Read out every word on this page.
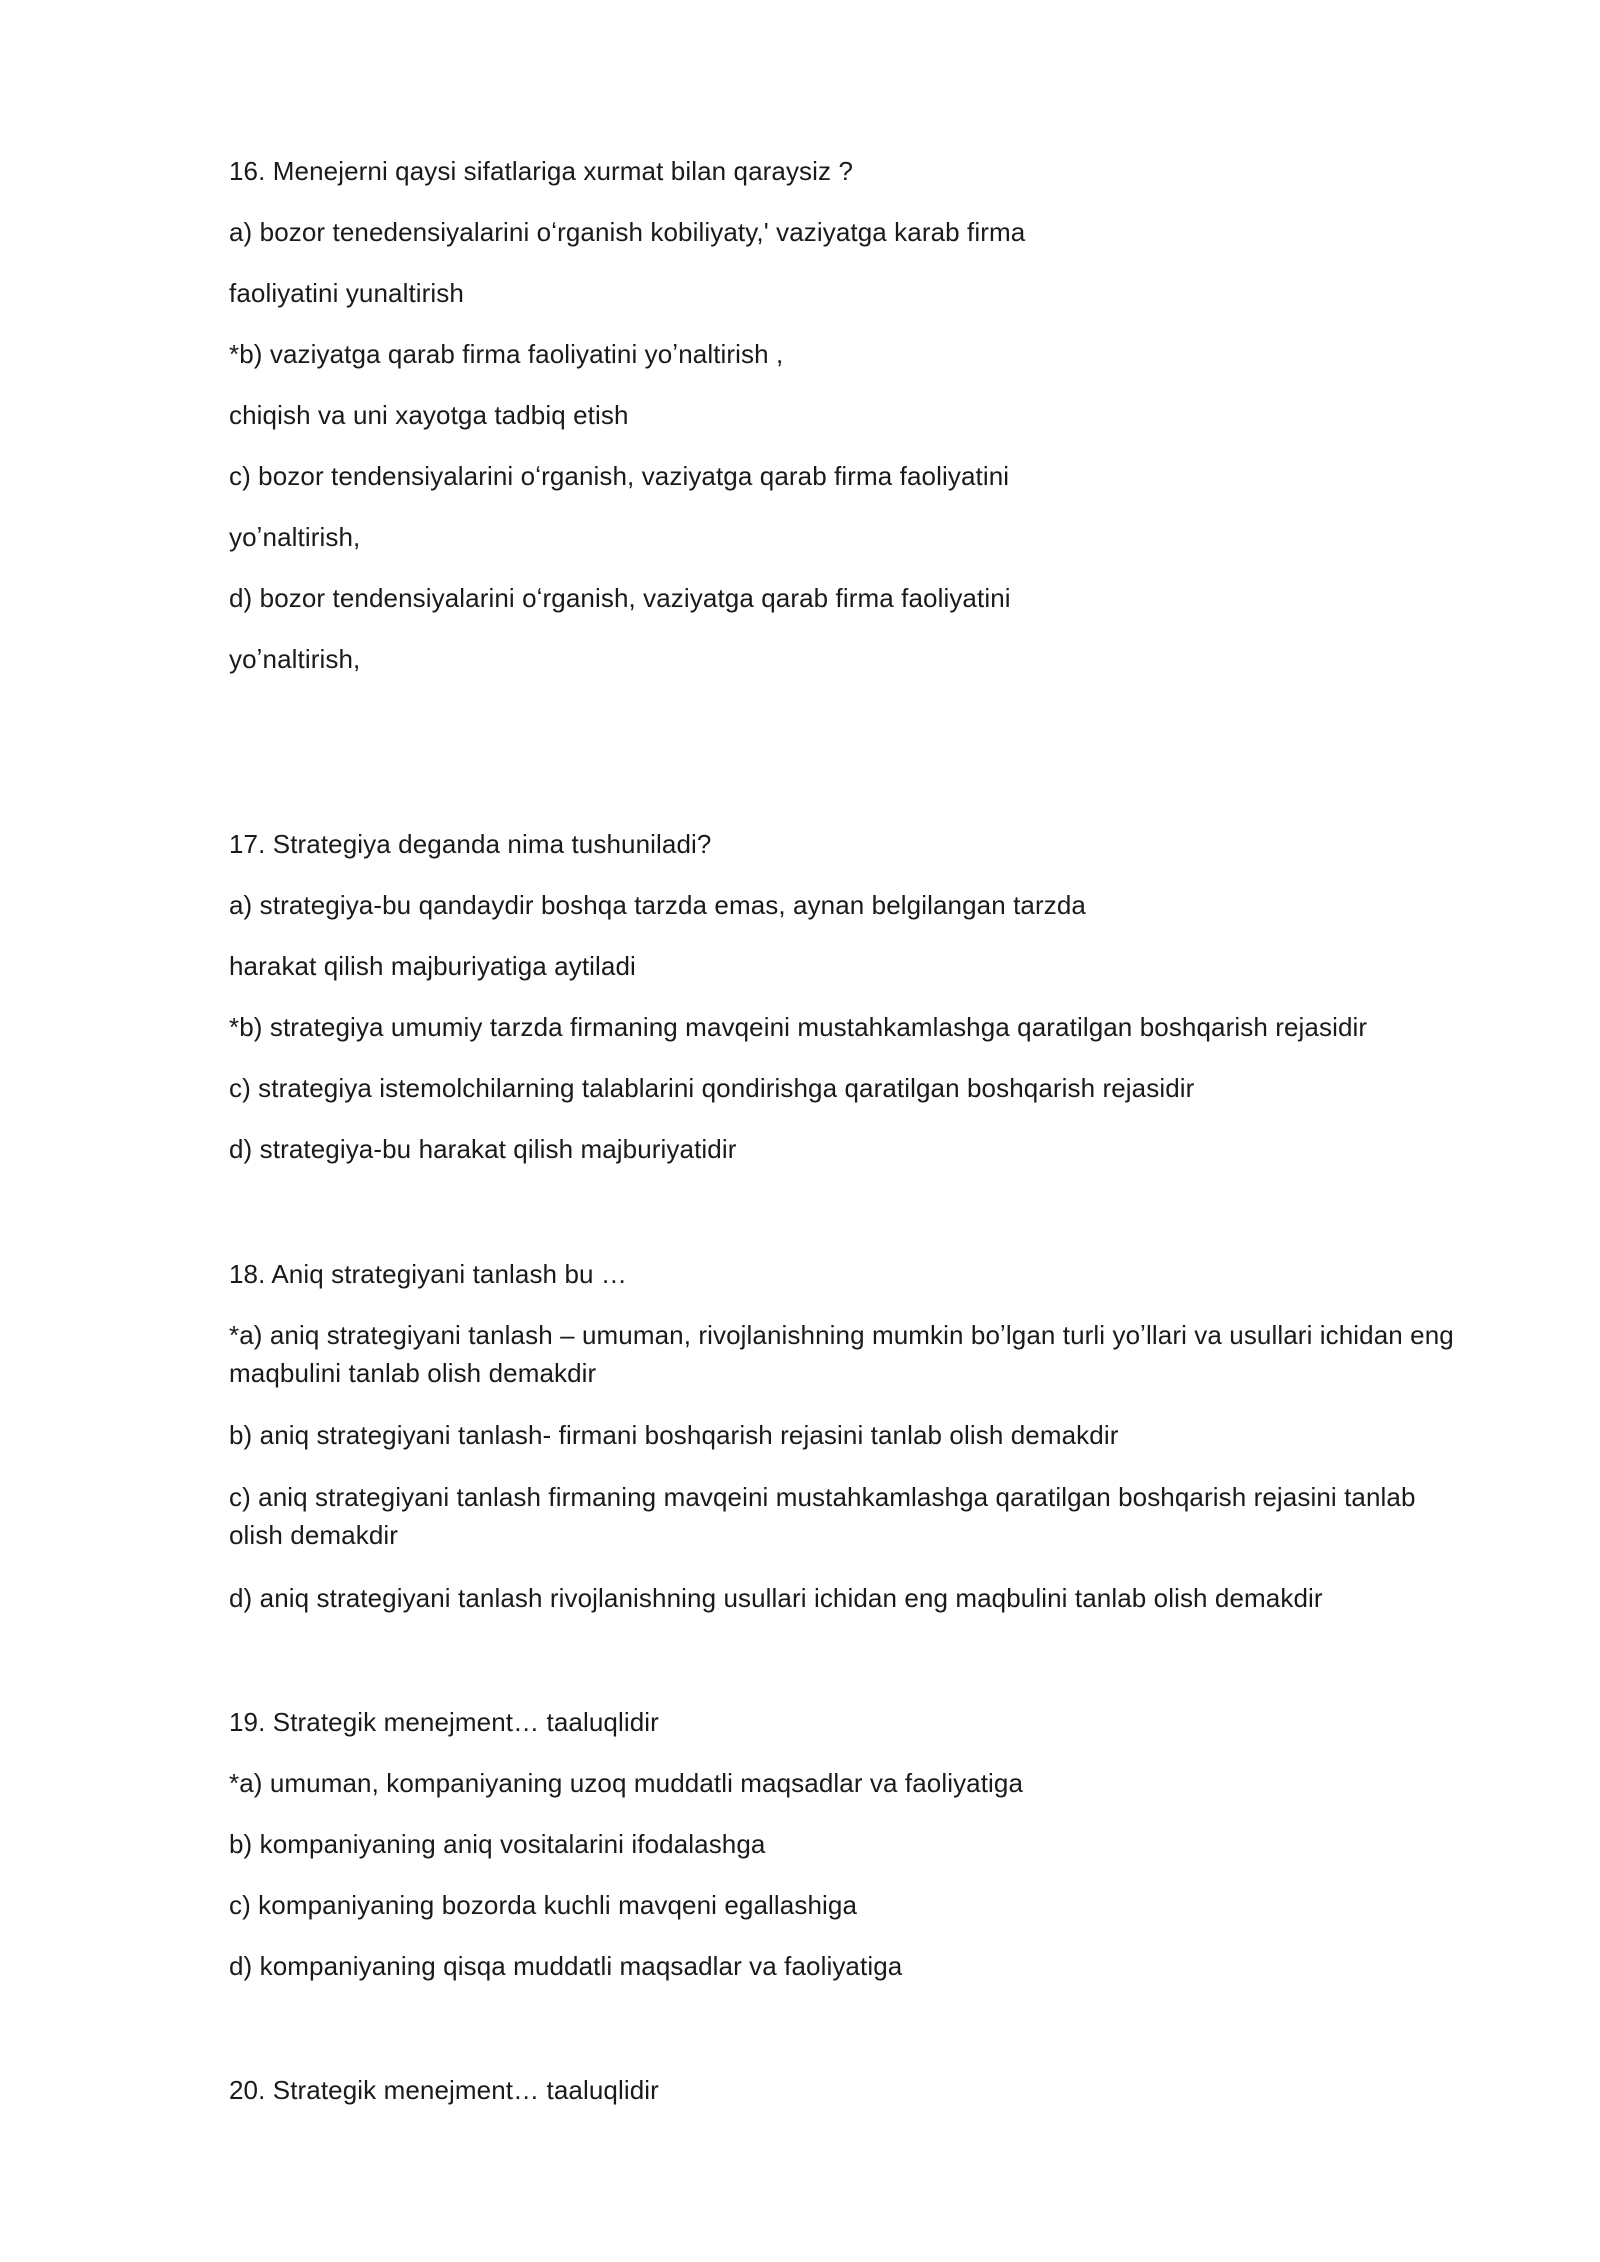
16. Menejerni qaysi sifatlariga xurmat bilan qaraysiz ?
a) bozor tenedensiyalarini oʻrganish kobiliyaty,' vaziyatga karab firma
faoliyatini yunaltirish
*b) vaziyatga qarab firma faoliyatini yoʼnaltirish ,
chiqish va uni xayotga tadbiq etish
c) bozor tendensiyalarini oʻrganish, vaziyatga qarab firma faoliyatini
yoʼnaltirish,
d) bozor tendensiyalarini oʻrganish, vaziyatga qarab firma faoliyatini
yoʼnaltirish,
17. Strategiya deganda nima tushuniladi?
a) strategiya-bu qandaydir boshqa tarzda emas, aynan belgilangan tarzda
harakat qilish majburiyatiga aytiladi
*b) strategiya umumiy tarzda firmaning mavqeini mustahkamlashga qaratilgan boshqarish rejasidir
c) strategiya istemolchilarning talablarini qondirishga qaratilgan boshqarish rejasidir
d) strategiya-bu harakat qilish majburiyatidir
18. Aniq strategiyani tanlash bu …
*a) aniq strategiyani tanlash – umuman, rivojlanishning mumkin boʼlgan turli yoʼllari va usullari ichidan eng maqbulini tanlab olish demakdir
b) aniq strategiyani tanlash- firmani boshqarish rejasini tanlab olish demakdir
c) aniq strategiyani tanlash firmaning mavqeini mustahkamlashga qaratilgan boshqarish rejasini tanlab olish demakdir
d) aniq strategiyani tanlash rivojlanishning usullari ichidan eng maqbulini tanlab olish demakdir
19. Strategik menejment… taaluqlidir
*a) umuman, kompaniyaning uzoq muddatli maqsadlar va faoliyatiga
b) kompaniyaning aniq vositalarini ifodalashga
c) kompaniyaning bozorda kuchli mavqeni egallashiga
d) kompaniyaning qisqa muddatli maqsadlar va faoliyatiga
20. Strategik menejment… taaluqlidir
